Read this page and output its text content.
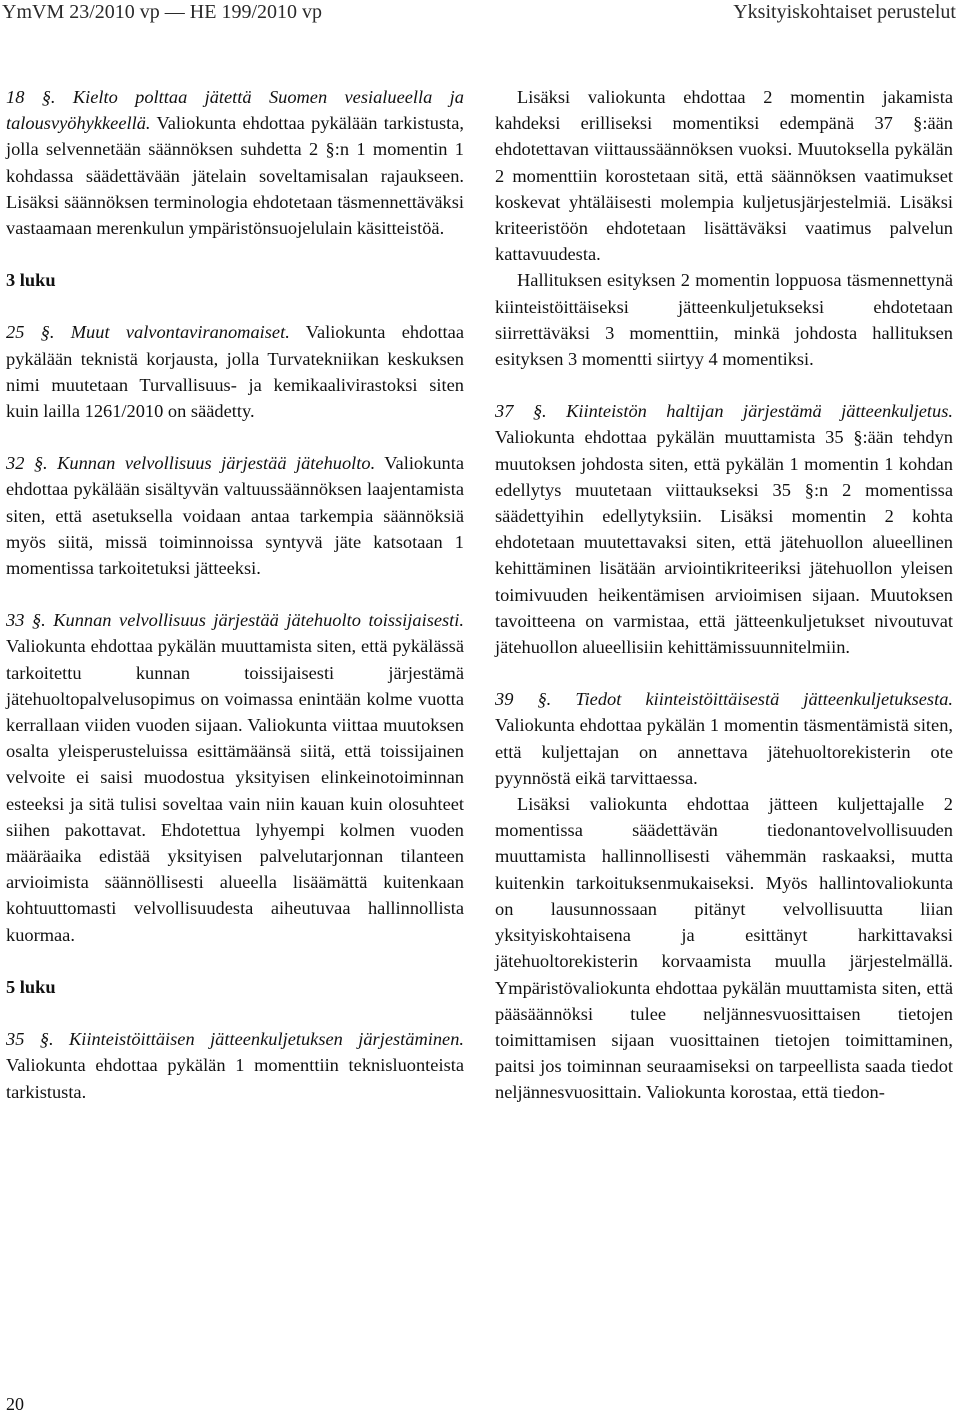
YmVM 23/2010 vp — HE 199/2010 vp	Yksityiskohtaiset perustelut

18 §. Kielto polttaa jätettä Suomen vesialueella ja talousvyöhykkeellä. Valiokunta ehdottaa pykälään tarkistusta, jolla selvennetään säännöksen suhdetta 2 §:n 1 momentin 1 kohdassa säädettävään jätelain soveltamisalan rajaukseen. Lisäksi säännöksen terminologia ehdotetaan täsmennettäväksi vastaamaan merenkulun ympäristönsuojelulain käsitteistöä.

3 luku

25 §. Muut valvontaviranomaiset. Valiokunta ehdottaa pykälään teknistä korjausta, jolla Turvatekniikan keskuksen nimi muutetaan Turvallisuus- ja kemikaalivirastoksi siten kuin lailla 1261/2010 on säädetty.

32 §. Kunnan velvollisuus järjestää jätehuolto. Valiokunta ehdottaa pykälään sisältyvän valtuussäännöksen laajentamista siten, että asetuksella voidaan antaa tarkempia säännöksiä myös siitä, missä toiminnoissa syntyvä jäte katsotaan 1 momentissa tarkoitetuksi jätteeksi.

33 §. Kunnan velvollisuus järjestää jätehuolto toissijaisesti. Valiokunta ehdottaa pykälän muuttamista siten, että pykälässä tarkoitettu kunnan toissijaisesti järjestämä jätehuoltopalvelusopimus on voimassa enintään kolme vuotta kerrallaan viiden vuoden sijaan. Valiokunta viittaa muutoksen osalta yleisperusteluissa esittämäänsä siitä, että toissijainen velvoite ei saisi muodostua yksityisen elinkeinotoiminnan esteeksi ja sitä tulisi soveltaa vain niin kauan kuin olosuhteet siihen pakottavat. Ehdotettua lyhyempi kolmen vuoden määräaika edistää yksityisen palvelutarjonnan tilanteen arvioimista säännöllisesti alueella lisäämättä kuitenkaan kohtuuttomasti velvollisuudesta aiheutuvaa hallinnollista kuormaa.

5 luku

35 §. Kiinteistöittäisen jätteenkuljetuksen järjestäminen. Valiokunta ehdottaa pykälän 1 momenttiin teknisluonteista tarkistusta.

Lisäksi valiokunta ehdottaa 2 momentin jakamista kahdeksi erilliseksi momentiksi edempänä 37 §:ään ehdotettavan viittaussäännöksen vuoksi. Muutoksella pykälän 2 momenttiin korostetaan sitä, että säännöksen vaatimukset koskevat yhtäläisesti molempia kuljetusjärjestelmiä. Lisäksi kriteeristöön ehdotetaan lisättäväksi vaatimus palvelun kattavuudesta.

Hallituksen esityksen 2 momentin loppuosa täsmennettynä kiinteistöittäiseksi jätteenkuljetukseksi ehdotetaan siirrettäväksi 3 momenttiin, minkä johdosta hallituksen esityksen 3 momentti siirtyy 4 momentiksi.

37 §. Kiinteistön haltijan järjestämä jätteenkuljetus. Valiokunta ehdottaa pykälän muuttamista 35 §:ään tehdyn muutoksen johdosta siten, että pykälän 1 momentin 1 kohdan edellytys muutetaan viittaukseksi 35 §:n 2 momentissa säädettyihin edellytyksiin. Lisäksi momentin 2 kohta ehdotetaan muutettavaksi siten, että jätehuollon alueellinen kehittäminen lisätään arviointikriteeriksi jätehuollon yleisen toimivuuden heikentämisen arvioimisen sijaan. Muutoksen tavoitteena on varmistaa, että jätteenkuljetukset nivoutuvat jätehuollon alueellisiin kehittämissuunnitelmiin.

39 §. Tiedot kiinteistöittäisestä jätteenkuljetuksesta. Valiokunta ehdottaa pykälän 1 momentin täsmentämistä siten, että kuljettajan on annettava jätehuoltorekisterin ote pyynnöstä eikä tarvittaessa.

Lisäksi valiokunta ehdottaa jätteen kuljettajalle 2 momentissa säädettävän tiedonantovelvollisuuden muuttamista hallinnollisesti vähemmän raskaaksi, mutta kuitenkin tarkoituksenmukaiseksi. Myös hallintovaliokunta on lausunnossaan pitänyt velvollisuutta liian yksityiskohtaisena ja esittänyt harkittavaksi jätehuoltorekisterin korvaamista muulla järjestelmällä. Ympäristövaliokunta ehdottaa pykälän muuttamista siten, että pääsäännöksi tulee neljännesvuosittaisen tietojen toimittamisen sijaan vuosittainen tietojen toimittaminen, paitsi jos toiminnan seuraamiseksi on tarpeellista saada tiedot neljännesvuosittain. Valiokunta korostaa, että tiedon-

20
